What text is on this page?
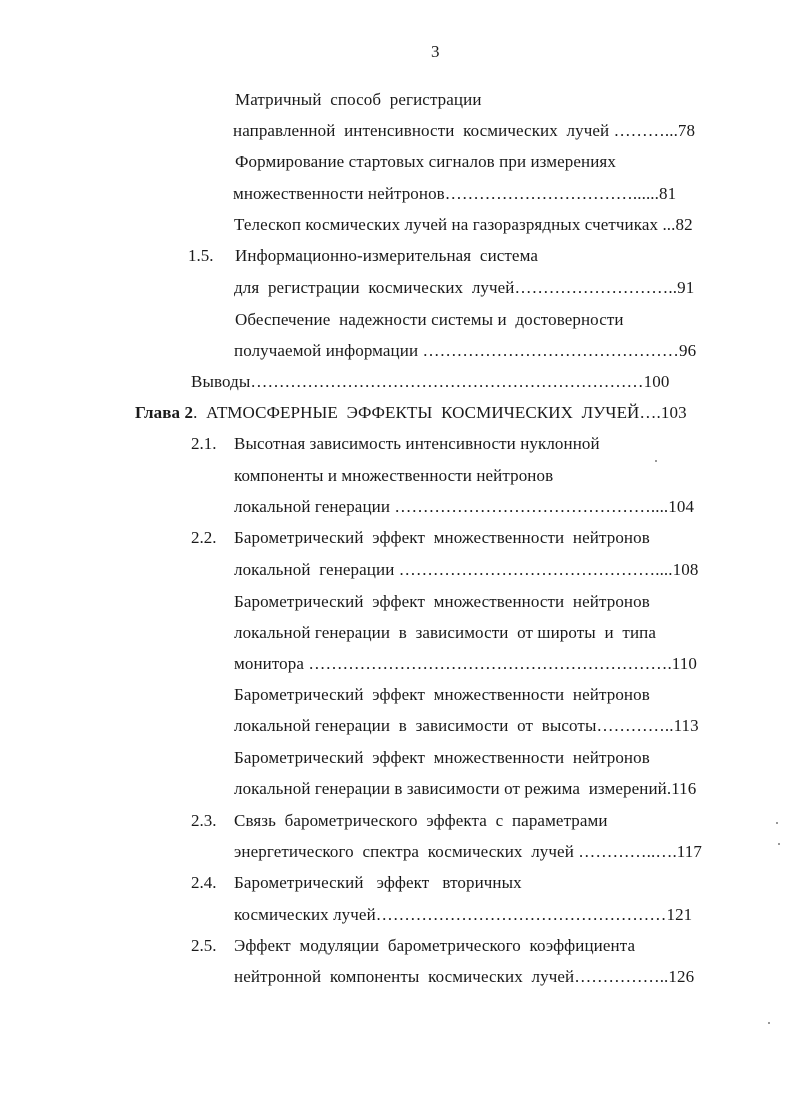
3
Матричный  способ  регистрации
направленной  интенсивности  космических  лучей ………...78
Формирование стартовых сигналов при измерениях
множественности нейтронов……………………………......81
Телескоп космических лучей на газоразрядных счетчиках ...82
1.5. Информационно-измерительная  система
для  регистрации  космических  лучей………………………..91
Обеспечение  надежности системы и  достоверности
получаемой информации ………………………………………96
Выводы……………………………………………………………100
Глава 2.  АТМОСФЕРНЫЕ  ЭФФЕКТЫ  КОСМИЧЕСКИХ  ЛУЧЕЙ….103
2.1. Высотная зависимость интенсивности нуклонной
компоненты и множественности нейтронов
локальной генерации ………………………………………....104
2.2. Барометрический  эффект  множественности  нейтронов
локальной  генерации ………………………………………....108
Барометрический  эффект  множественности  нейтронов
локальной генерации  в  зависимости  от широты  и  типа
монитора ……………………………………………………….110
Барометрический  эффект  множественности  нейтронов
локальной генерации  в  зависимости  от  высоты…………..113
Барометрический  эффект  множественности  нейтронов
локальной генерации в зависимости от режима  измерений.116
2.3. Связь  барометрического  эффекта  с  параметрами
энергетического  спектра  космических  лучей …………..….117
2.4. Барометрический   эффект   вторичных
космических лучей……………………………………………121
2.5. Эффект  модуляции  барометрического  коэффициента
нейтронной  компоненты  космических  лучей……………..126
